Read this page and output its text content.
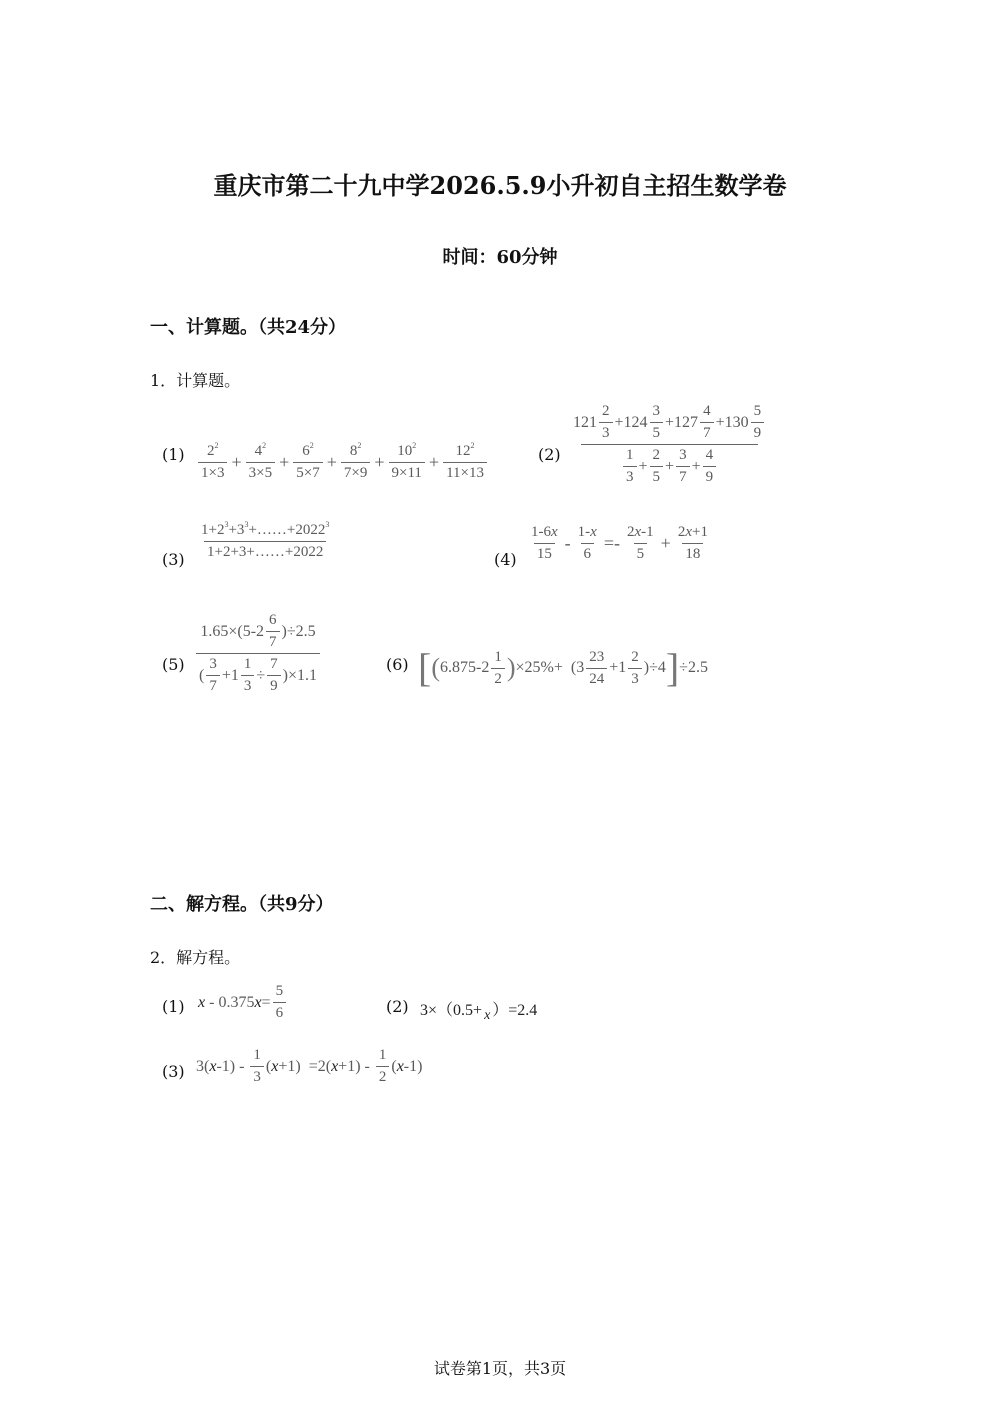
重庆市第二十九中学2026.5.9小升初自主招生数学卷
时间：60分钟
一、计算题。（共24分）
1．计算题。
$(1) \frac{2^2}{1\times 3} + \frac{4^2}{3\times 5} + \frac{6^2}{5\times 7} + \frac{8^2}{7\times 9} + \frac{10^2}{9\times 11} + \frac{12^2}{11\times 13}$	$(2) \frac{121 \frac{2}{3} +124 \frac{3}{5} +127 \frac{4}{7} +130 \frac{5}{9}}{\frac{1}{3} + \frac{2}{5} + \frac{3}{7} + \frac{4}{9}}$
$(3) \frac{1+2^3+3^3+\dots\dots+2022^3}{1+2+3+\dots\dots+2022}$	$(4) \frac{1-6x}{15} - \frac{1-x}{6} =- \frac{2x-1}{5} + \frac{2x+1}{18}$
$(5) \frac{1.65\times(5-2 \frac{6}{7} )\div 2.5}{( \frac{3}{7} +1 \frac{1}{3} \div \frac{7}{9} )\times 1.1}$	(6) [ ( $6.875-2 \frac{1}{2}$ ) $\times 25\%+ (3 \frac{23}{24} +1 \frac{2}{3} )\div 4$ ] ÷2.5
二、解方程。（共9分）
2．解方程。
(1) x - 0.375 $x = \frac{5}{6}$	(2) 3×（0.5+ x ）=2.4
(3) 3( x $-1) - \frac{1}{3}$ ( x +1)  =2( $x +1) - \frac{1}{2}$ ( x -1)
试卷第1页，共3页
